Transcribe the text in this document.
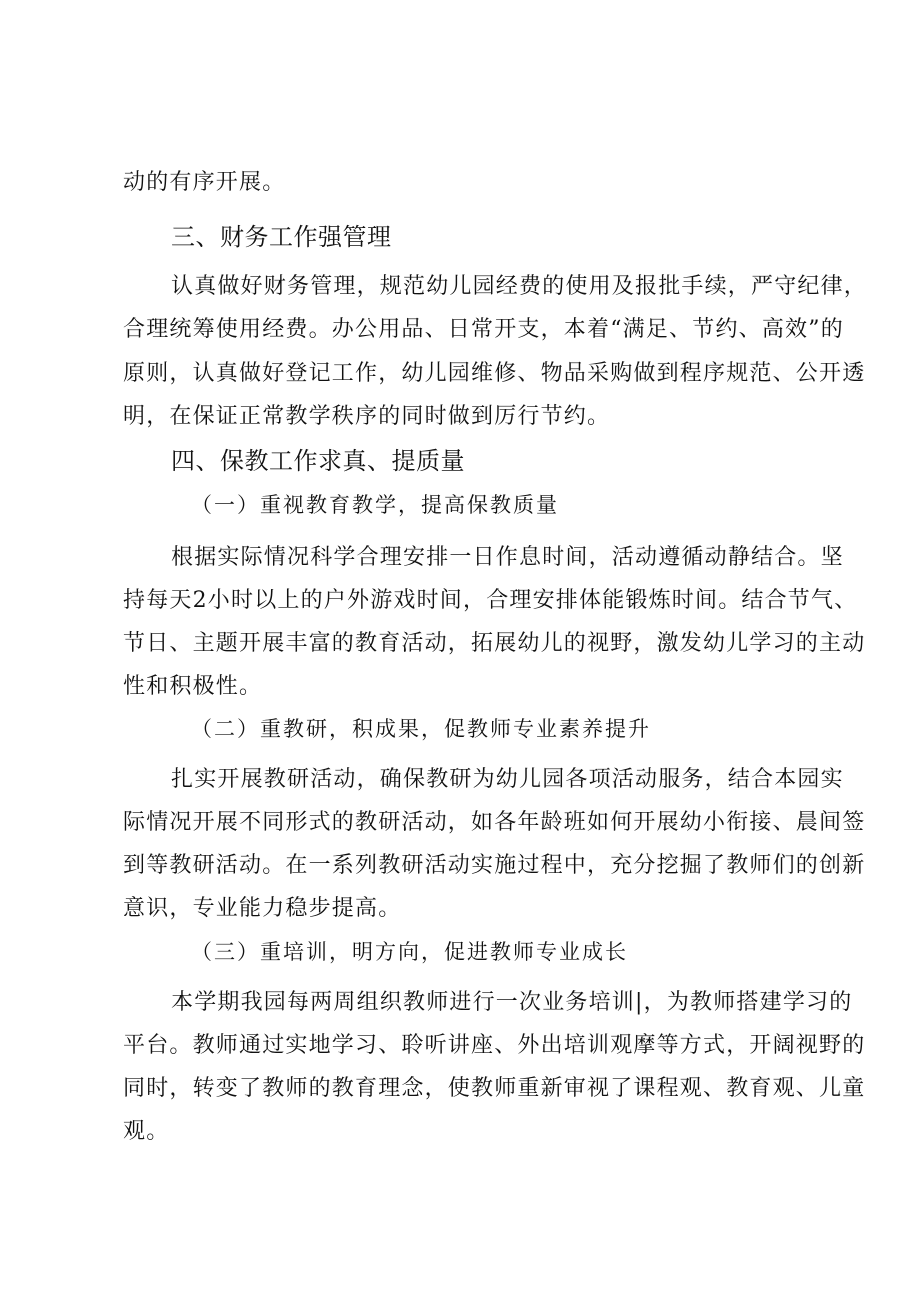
动的有序开展。
三、财务工作强管理
认真做好财务管理，规范幼儿园经费的使用及报批手续，严守纪律，
合理统筹使用经费。办公用品、日常开支，本着“满足、节约、高效”的
原则，认真做好登记工作，幼儿园维修、物品采购做到程序规范、公开透
明，在保证正常教学秩序的同时做到厉行节约。
四、保教工作求真、提质量
（一）重视教育教学，提高保教质量
根据实际情况科学合理安排一日作息时间，活动遵循动静结合。坚
持每天2小时以上的户外游戏时间，合理安排体能锻炼时间。结合节气、
节日、主题开展丰富的教育活动，拓展幼儿的视野，激发幼儿学习的主动
性和积极性。
（二）重教研，积成果，促教师专业素养提升
扎实开展教研活动，确保教研为幼儿园各项活动服务，结合本园实
际情况开展不同形式的教研活动，如各年龄班如何开展幼小衔接、晨间签
到等教研活动。在一系列教研活动实施过程中，充分挖掘了教师们的创新
意识，专业能力稳步提高。
（三）重培训，明方向，促进教师专业成长
本学期我园每两周组织教师进行一次业务培训|，为教师搭建学习的
平台。教师通过实地学习、聆听讲座、外出培训观摩等方式，开阔视野的
同时，转变了教师的教育理念，使教师重新审视了课程观、教育观、儿童
观。
